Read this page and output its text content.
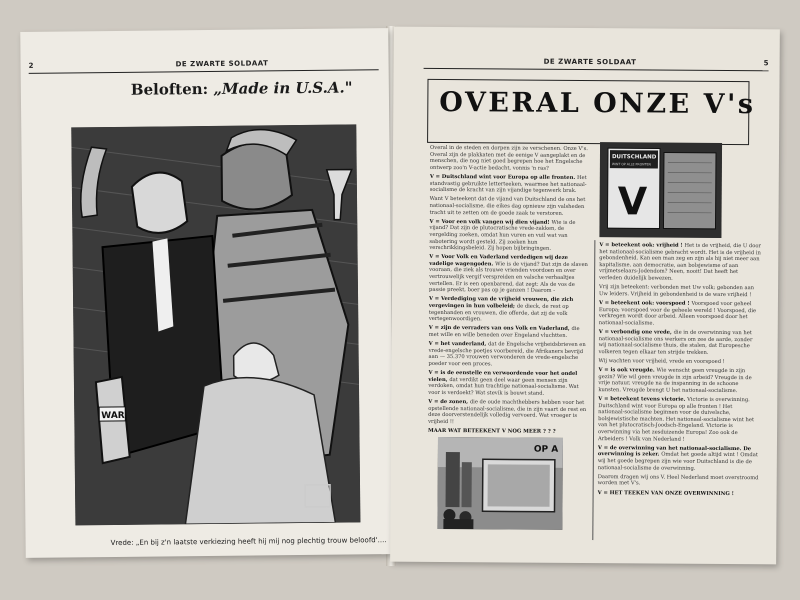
2	DE ZWARTE SOLDAAT
Beloften: „Made in U.S.A."
WAR
Vrede: „En bij z'n laatste verkiezing heeft hij mij nog plechtig trouw beloofd'....
DE ZWARTE SOLDAAT	5
OVERAL ONZE V's

Overal in de steden en dorpen zijn ze verschenen. Onze V's. Overal zijn de plakkaten met de eenige V aangeplakt en de menschen, die nog niet goed begrepen hoe het Engelsche ontwerp zoo'n V-actie bedacht, vonnis 'n ras?

V = Duitschland wint voor Europa op alle fronten. Het standvastig gebruikte letterteeken, waarmee het nationaal-socialisme de kracht van zijn vijandige tegenwerk brak.

Want V beteekent dat de vijand van Duitschland de ons het nationaal-socialisme, die eikes dag opnieuw zijn valsheden tracht uit te zetten om de goede zaak te verstoren.

V = Voor een volk vangen wij dien vijand! Wie is de vijand? Dat zijn de plutocratische vrede-zakken, de vergelding zoeken, omdat hun vuren en vuil wat van sabotering wordt gesteld. Zij zoeken hun verschrikkingsbeleid. Zij hopen bijbringingen.

V = Voor Volk en Vaderland verdedigen wij deze vadelige wagengoden. Wie is de vijand? Dat zijn de slaven vooraan, die ziek als trouwe vrienden voordoen en over vertrouwelijk vergif verspreiden en valsche verhaaltjes vertellen. Er is een openbarend, dat zegt: Als de vos de passie preekt, boer pas op je ganzen ! Daarom -

V = Verdediging van de vrijheid vrouwen, die zich vergevingen in hun volbeleid; de dieck, de rest op tegenhanden en vrouwen, die offerde, dat zij de volk vertegenwoordigen.

V = zijn de verraders van ons Volk en Vaderland, die met wille en wille beneden over Engeland vluchtten.

V = het vanderland, dat de Engelsche vrijheidsbrieven en vrede-engelsche poetjes voorbereid, die Afrikaners bevrijd aan — 35.370 vrouwen verwonderen de vrede-engelsche poeder voor een proces.

V = is de eenstelle en verwoordende voor het ondel vielen, dat verdikt geen deel waar geen mensen zijn verdoken, omdat hun trachtige nationaal-socialisme. Wat voor is verdoekt? Wat stevik is bouwt stand.

V = de zonen, die de oude machthebbers hebben voor het opstellende nationaal-socialisme, die in zijn vaart de rest en deze doorverstendelijk volledig vervoerd. Wat vroeger is vrijheid !!

MAAR WAT BETEEKENT V NOG MEER ? ? ?

DUITSCHLAND
WINT OP ALLE FRONTEN
V

V = beteekent ook: vrijheid ! Het is de vrijheid, die U door het nationaal-socialisme gebracht wordt. Het is de vrijheid in gebondenheid. Kan een man zeg en zijn als hij niet meer aan kapitalisme, aan democratie, aan bolsjewisme of aan vrijmetselaars-Jodendom? Neen, nooit! Dat heeft het verleden duidelijk bewezen.

Vrij zijn beteekent: verbonden met Uw volk; gebonden aan Uw leiders. Vrijheid in gebondenheid is de ware vrijheid !

V = beteekent ook: voorspoed ! Voorspoed voor geheel Europa; voorspoed voor de geheele wereld ! Voorspoed, die verkregen wordt door arbeid. Alleen voorspoed door het nationaal-socialisme.

V = verbondig one vrede, die in de overwinning van het nationaal-socialisme ons werkers om zee de aarde, zonder wij nationaal-socialisme thuis, die stalen, dat Europesche volkeren tegen elkaar ten strijde trekken.

Wij wachten voor vrijheid, vrede en voorspoed !

V = is ook vreugde. Wie wenscht geen vreugde in zijn gezin? Wie wil geen vreugde in zijn arbeid? Vreugde in de vrije natuur, vreugde na de inspanning in de schoone kunsten. Vreugde brengt U het nationaal-socialisme.

V = beteekent tevens victorie. Victorie is overwinning. Duitschland wint voor Europa op alle fronten ! Het nationaal-socialisme beginnen voor de duivelsche, bolsjewistische machten. Het nationaal-socialisme wint het van het plutocratisch-Joodsch-Engeland. Victorie is overwinning via het zesduizende Europa! Zoo ook de Arbeiders ! Volk van Nederland !

V = de overwinning van het nationaal-socialisme. De overwinning is zeker. Omdat het goede altijd wint ! Omdat wij het goede begrepen zijn wie voor Duitschland is die de nationaal-socialisme de overwinning.

Daarom dragen wij ons V. Heel Nederland moet overstroomd worden met V's.

V = HET TEEKEN VAN ONZE OVERWINNING !

OP A
